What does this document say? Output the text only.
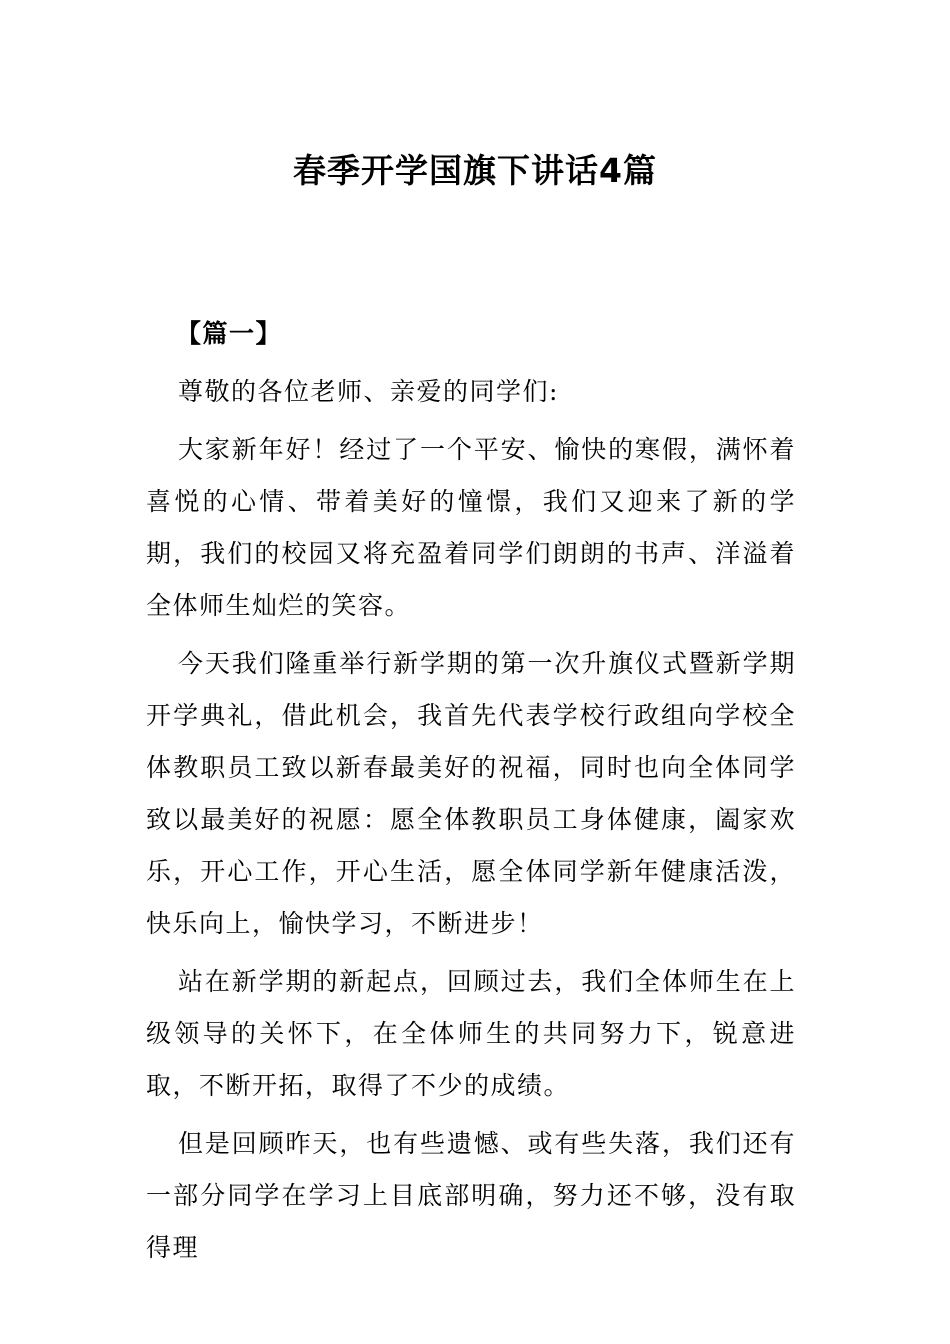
春季开学国旗下讲话4篇

【篇一】

尊敬的各位老师、亲爱的同学们:

大家新年好！经过了一个平安、愉快的寒假，满怀着喜悦的心情、带着美好的憧憬，我们又迎来了新的学期，我们的校园又将充盈着同学们朗朗的书声、洋溢着全体师生灿烂的笑容。

今天我们隆重举行新学期的第一次升旗仪式暨新学期开学典礼，借此机会，我首先代表学校行政组向学校全体教职员工致以新春最美好的祝福，同时也向全体同学致以最美好的祝愿：愿全体教职员工身体健康，阖家欢乐，开心工作，开心生活，愿全体同学新年健康活泼，快乐向上，愉快学习，不断进步！

站在新学期的新起点，回顾过去，我们全体师生在上级领导的关怀下，在全体师生的共同努力下，锐意进取，不断开拓，取得了不少的成绩。

但是回顾昨天，也有些遗憾、或有些失落，我们还有一部分同学在学习上目底部明确，努力还不够，没有取得理
